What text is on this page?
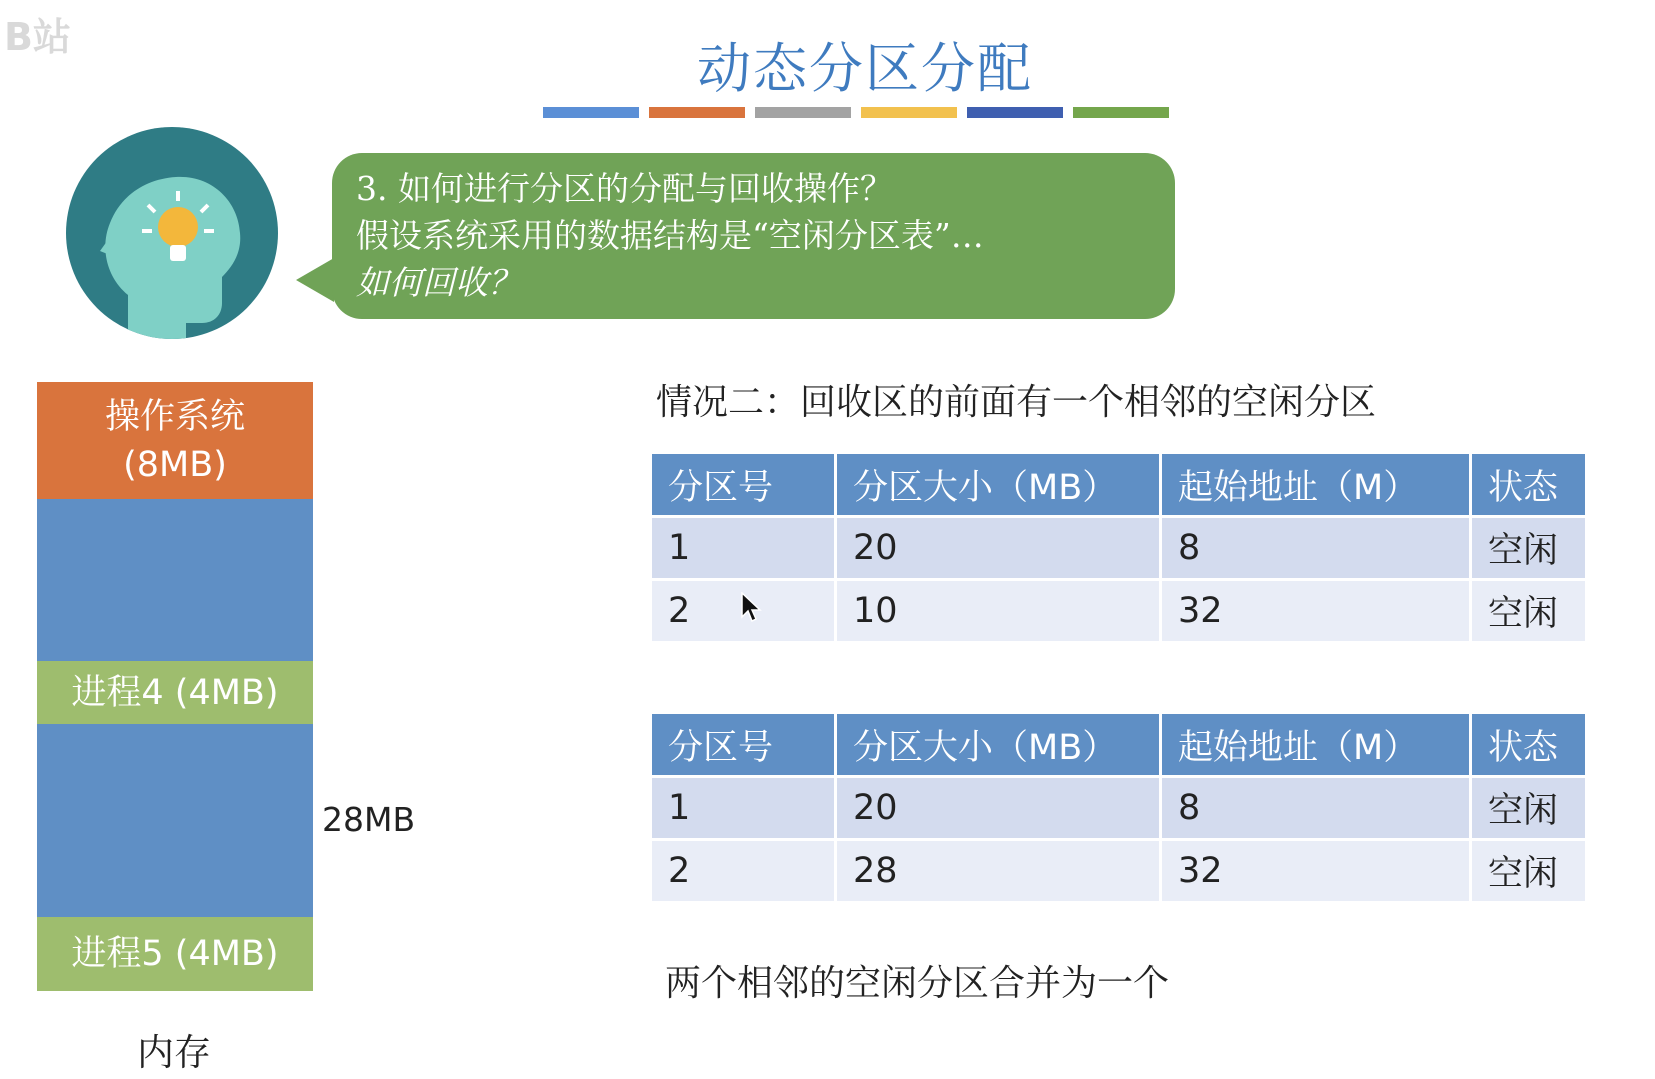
B站	动态分区分配
3. 如何进行分区的分配与回收操作？
假设系统采用的数据结构是“空闲分区表”…
如何回收？
操作系统
(8MB)
进程4 (4MB)
进程5 (4MB)
28MB
内存
情况二：回收区的前面有一个相邻的空闲分区
分区号	分区大小（MB）	起始地址（M）	状态
1	20	8	空闲
2	10	32	空闲
分区号	分区大小（MB）	起始地址（M）	状态
1	20	8	空闲
2	28	32	空闲
两个相邻的空闲分区合并为一个
